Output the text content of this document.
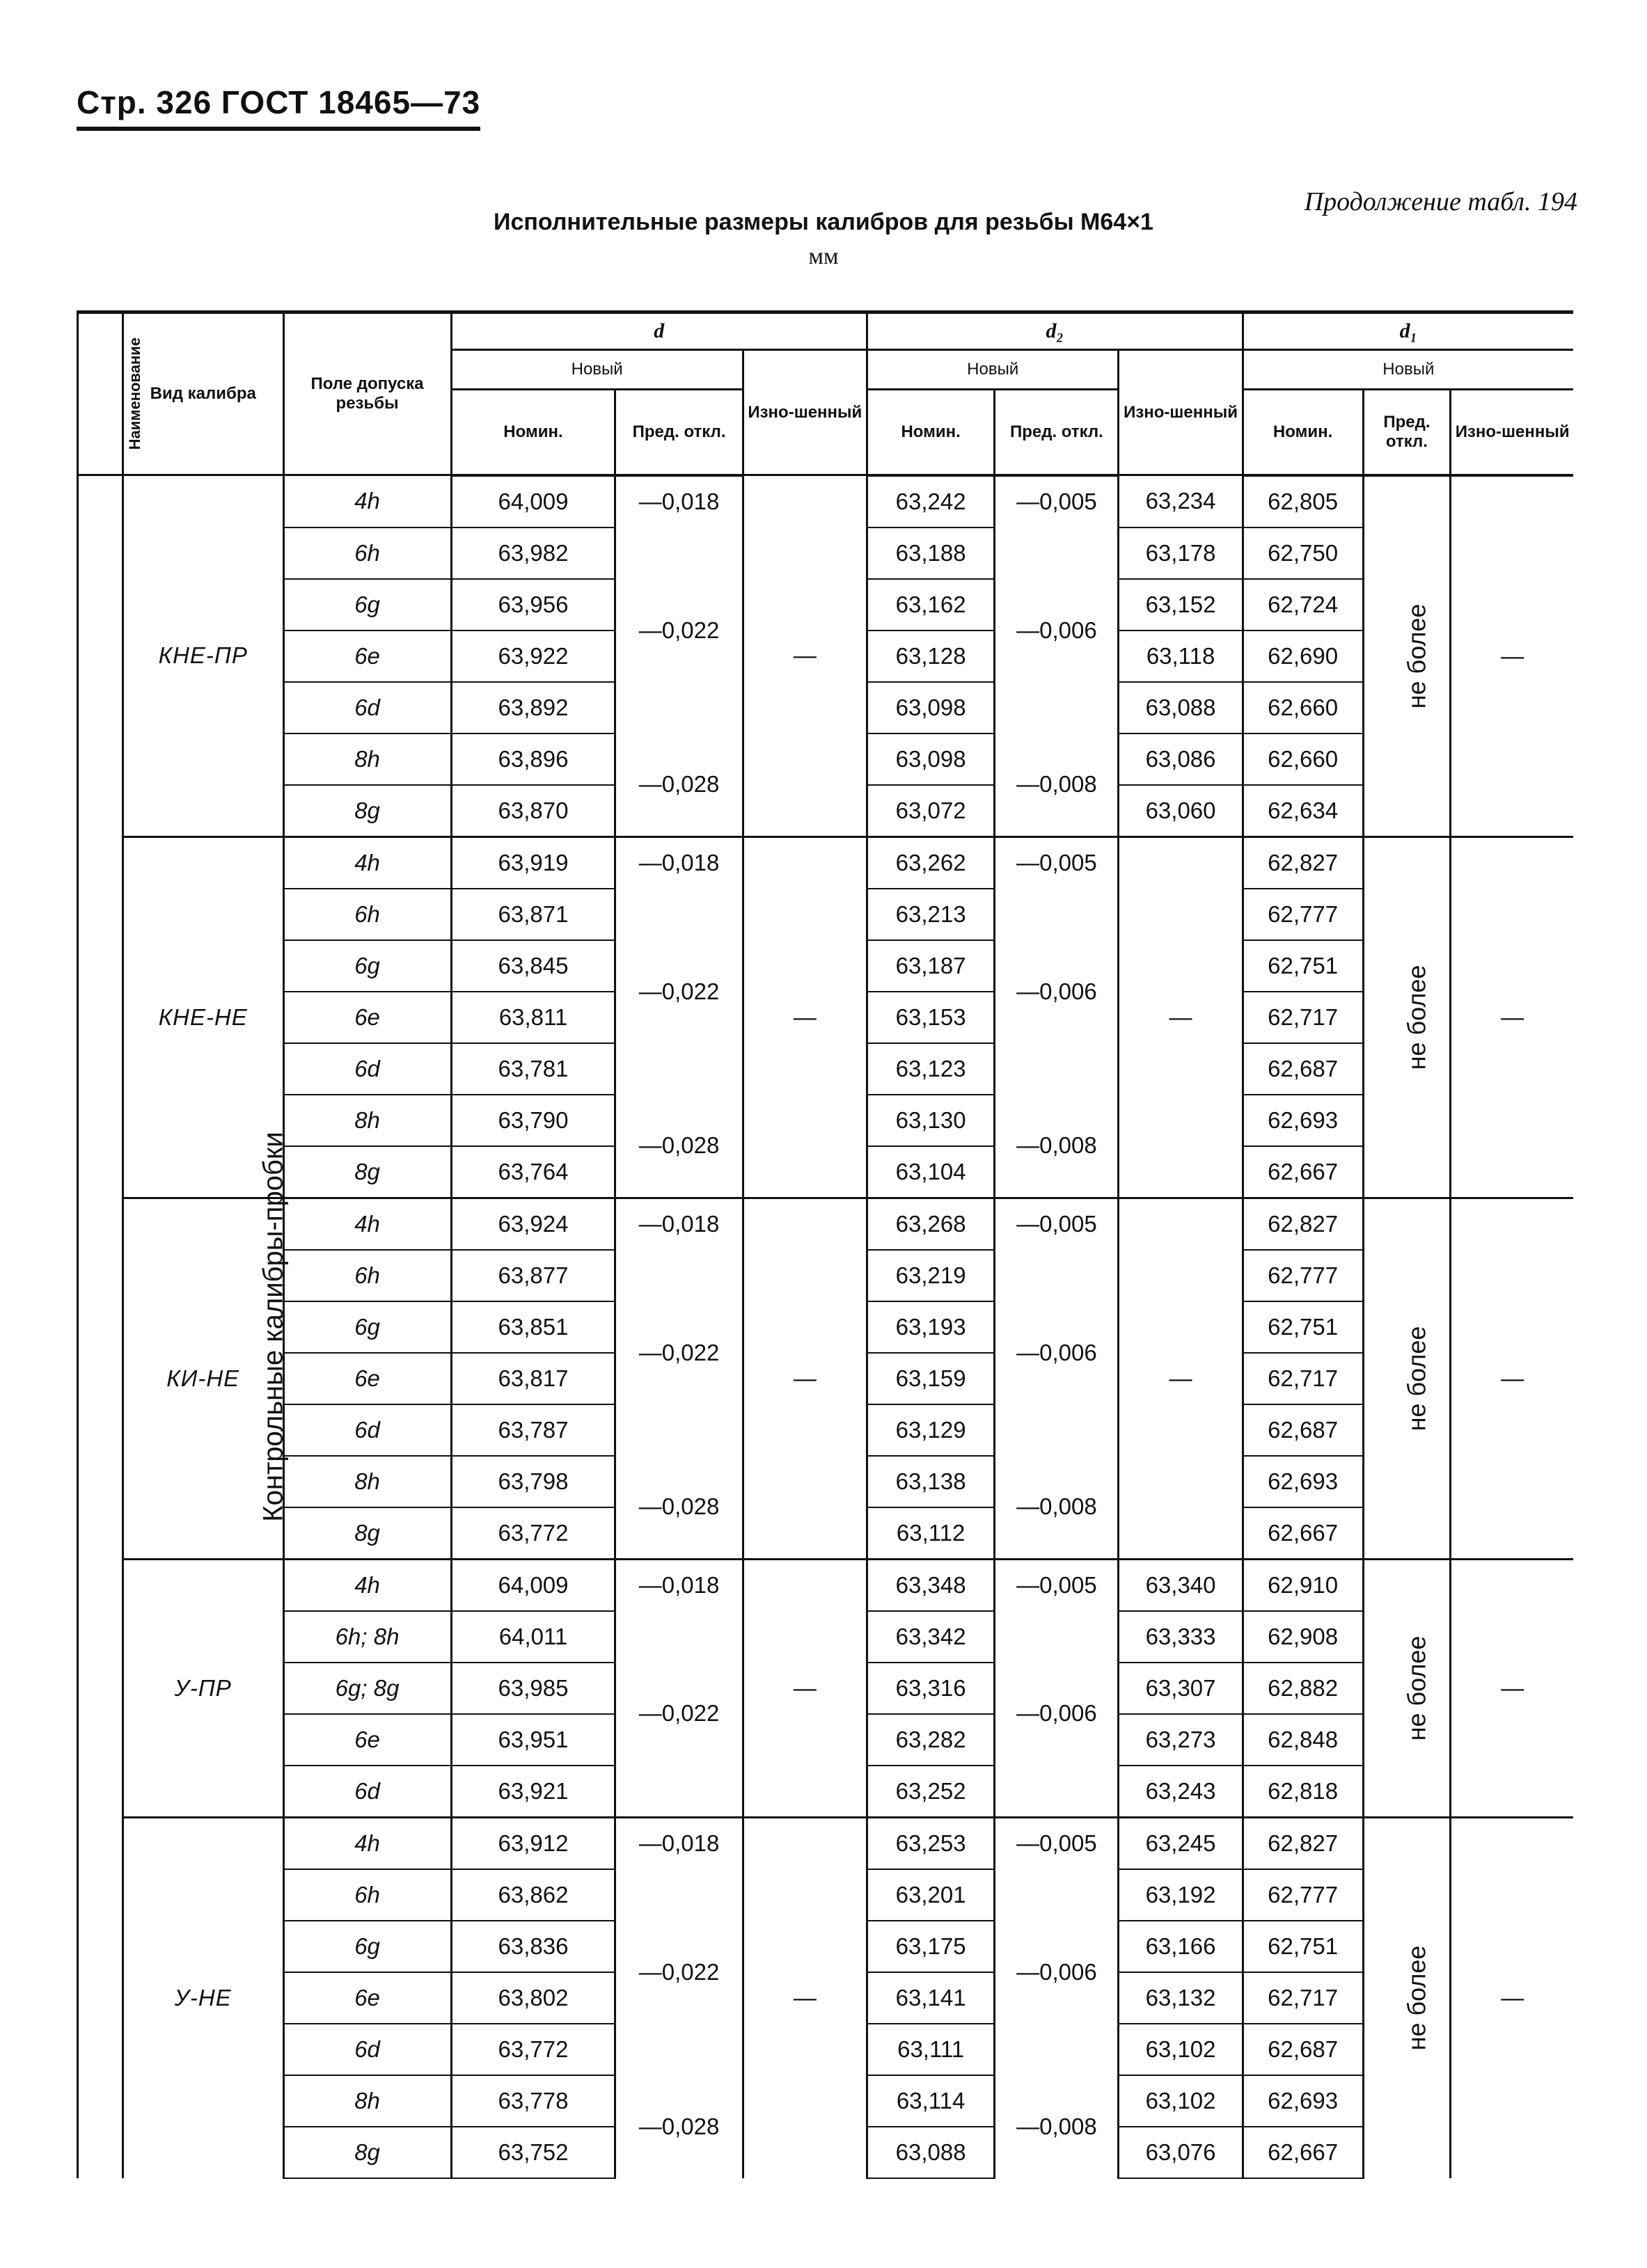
Стр. 326 ГОСТ 18465—73
Продолжение табл. 194
Исполнительные размеры калибров для резьбы M64×1
мм
Наименование	Вид калибра	Поле допуска резьбы	d			d₂			d₁		
			Новый		Изно-шенный	Новый		Изно-шенный	Новый		
			Номин.	Пред. откл.		Номин.	Пред. откл.		Номин.	Пред. откл.	Изно-шенный
Контрольные калибры-пробки	КНЕ-ПР	4h	64,009	—0,018	—	63,242	—0,005	63,234	62,805	не более	—
		6h	63,982	—0,022		63,188	—0,006	63,178	62,750		
		6g	63,956			63,162		63,152	62,724		
		6e	63,922			63,128		63,118	62,690		
		6d	63,892			63,098		63,088	62,660		
		8h	63,896	—0,028		63,098	—0,008	63,086	62,660		
		8g	63,870			63,072		63,060	62,634		
	КНЕ-НЕ	4h	63,919	—0,018	—	63,262	—0,005	—	62,827	не более	—
		6h	63,871	—0,022		63,213	—0,006		62,777		
		6g	63,845			63,187			62,751		
		6e	63,811			63,153			62,717		
		6d	63,781			63,123			62,687		
		8h	63,790	—0,028		63,130	—0,008		62,693		
		8g	63,764			63,104			62,667		
	КИ-НЕ	4h	63,924	—0,018	—	63,268	—0,005	—	62,827	не более	—
		6h	63,877	—0,022		63,219	—0,006		62,777		
		6g	63,851			63,193			62,751		
		6e	63,817			63,159			62,717		
		6d	63,787			63,129			62,687		
		8h	63,798	—0,028		63,138	—0,008		62,693		
		8g	63,772			63,112			62,667		
	У-ПР	4h	64,009	—0,018	—	63,348	—0,005	63,340	62,910	не более	—
		6h; 8h	64,011	—0,022		63,342	—0,006	63,333	62,908		
		6g; 8g	63,985			63,316		63,307	62,882		
		6e	63,951			63,282		63,273	62,848		
		6d	63,921			63,252		63,243	62,818		
	У-НЕ	4h	63,912	—0,018	—	63,253	—0,005	63,245	62,827	не более	—
		6h	63,862	—0,022		63,201	—0,006	63,192	62,777		
		6g	63,836			63,175		63,166	62,751		
		6e	63,802			63,141		63,132	62,717		
		6d	63,772			63,111		63,102	62,687		
		8h	63,778	—0,028		63,114	—0,008	63,102	62,693		
		8g	63,752			63,088		63,076	62,667		
